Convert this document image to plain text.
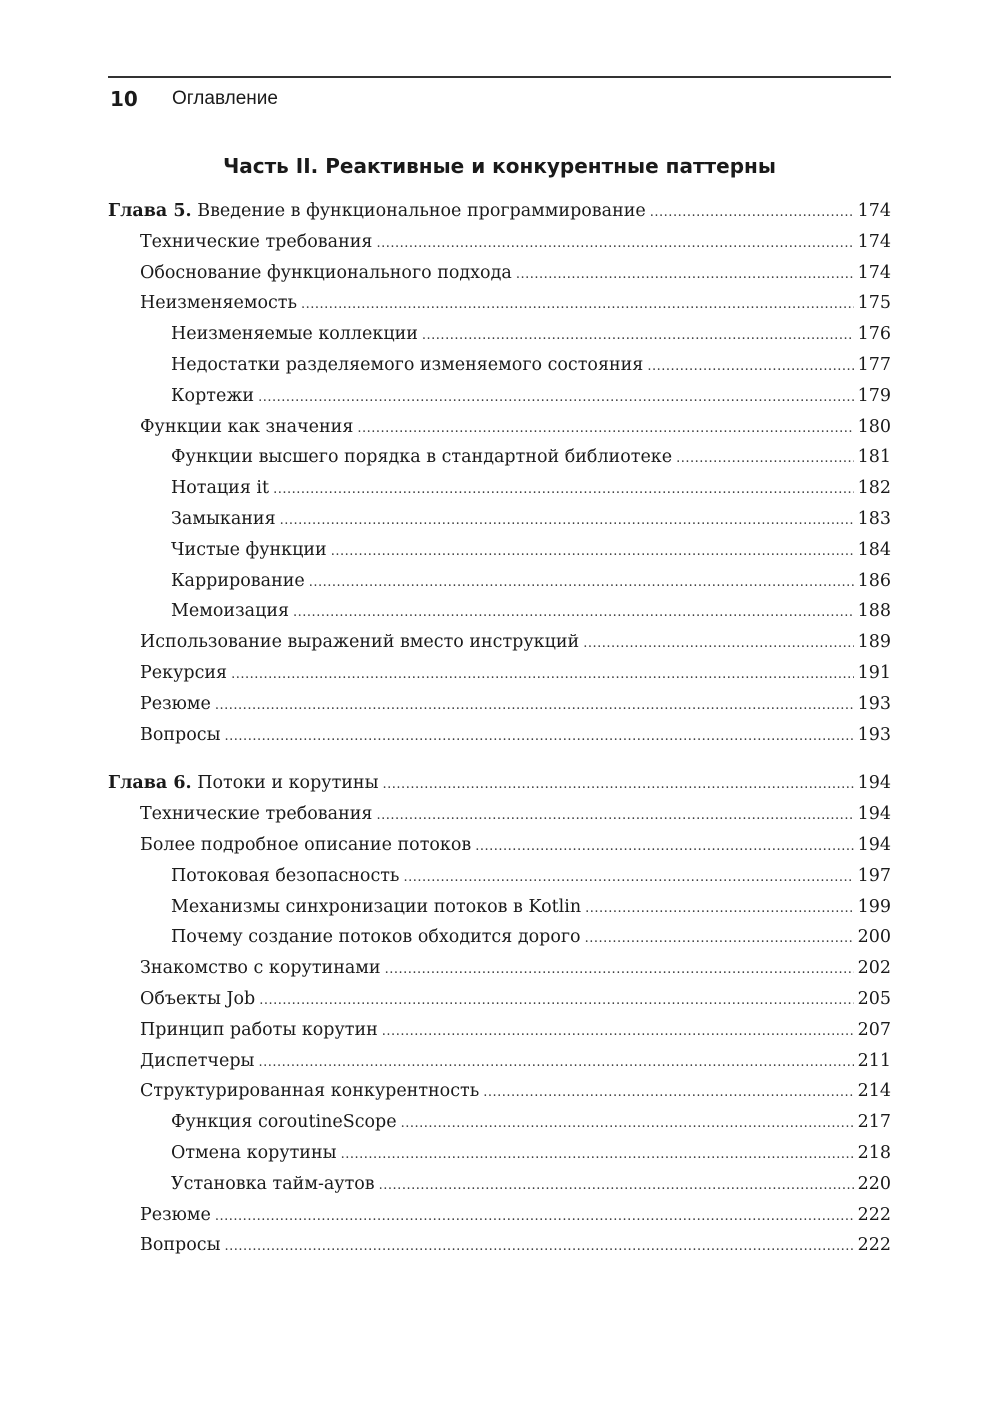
10 Оглавление
Часть II. Реактивные и конкурентные паттерны
Глава 5. Введение в функциональное программирование .....	174
Технические требования .....	174
Обоснование функционального подхода .....	174
Неизменяемость .....	175
Неизменяемые коллекции .....	176
Недостатки разделяемого изменяемого состояния .....	177
Кортежи .....	179
Функции как значения .....	180
Функции высшего порядка в стандартной библиотеке .....	181
Нотация it .....	182
Замыкания .....	183
Чистые функции .....	184
Каррирование .....	186
Мемоизация .....	188
Использование выражений вместо инструкций .....	189
Рекурсия .....	191
Резюме .....	193
Вопросы .....	193
Глава 6. Потоки и корутины .....	194
Технические требования .....	194
Более подробное описание потоков .....	194
Потоковая безопасность .....	197
Механизмы синхронизации потоков в Kotlin .....	199
Почему создание потоков обходится дорого .....	200
Знакомство с корутинами .....	202
Объекты Job .....	205
Принцип работы корутин .....	207
Диспетчеры .....	211
Структурированная конкурентность .....	214
Функция coroutineScope .....	217
Отмена корутины .....	218
Установка тайм-аутов .....	220
Резюме .....	222
Вопросы .....	222
